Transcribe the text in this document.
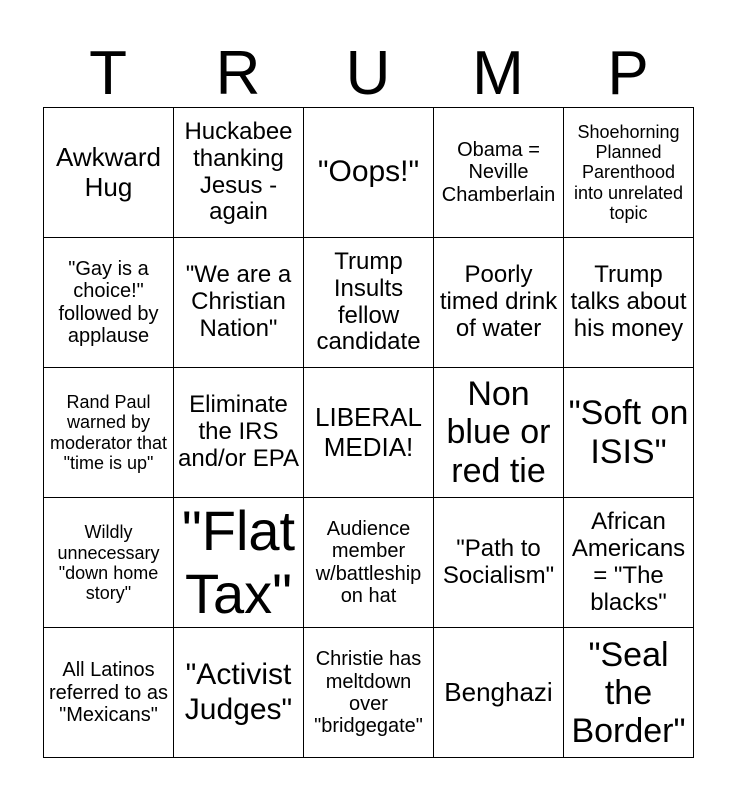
T	R	U	M	P
Awkward Hug	Huckabee thanking Jesus - again	"Oops!"	Obama = Neville Chamberlain	Shoehorning Planned Parenthood into unrelated topic

"Gay is a choice!" followed by applause	"We are a Christian Nation"	Trump Insults fellow candidate	Poorly timed drink of water	Trump talks about his money

Rand Paul warned by moderator that "time is up"	Eliminate the IRS and/or EPA	LIBERAL MEDIA!	Non blue or red tie	"Soft on ISIS"

Wildly unnecessary "down home story"	"Flat Tax"	Audience member w/battleship on hat	"Path to Socialism"	African Americans = "The blacks"

All Latinos referred to as "Mexicans"	"Activist Judges"	Christie has meltdown over "bridgegate"	Benghazi	"Seal the Border"
